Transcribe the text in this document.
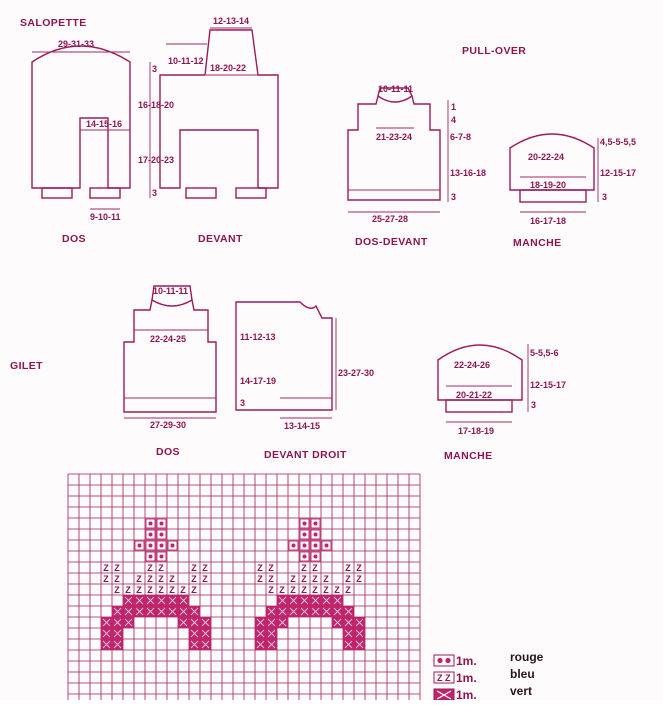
SALOPETTE
29-31-33
14-15-16
9-10-11
12-13-14
10-11-12
18-20-22
3
16-18-20
17-20-23
3
DOS	DEVANT
PULL-OVER
10-11-11
21-23-24
25-27-28
1
4
6-7-8
13-16-18
3
20-22-24
18-19-20
16-17-18
4,5-5-5,5
12-15-17
3
DOS-DEVANT	MANCHE
GILET
10-11-11
22-24-25
27-29-30
11-12-13
14-17-19
3
13-14-15
23-27-30
22-24-26
20-21-22
17-18-19
5-5,5-6
12-15-17
3
DOS	DEVANT DROIT	MANCHE
Z Z	Z Z	Z Z
Z Z Z Z Z Z Z Z
Z Z Z Z Z Z Z Z
Z Z	Z Z	Z Z
Z Z Z Z Z Z Z Z
Z Z Z Z Z Z Z Z
1m.	rouge
Z Z 1m.	bleu
1m.	vert
